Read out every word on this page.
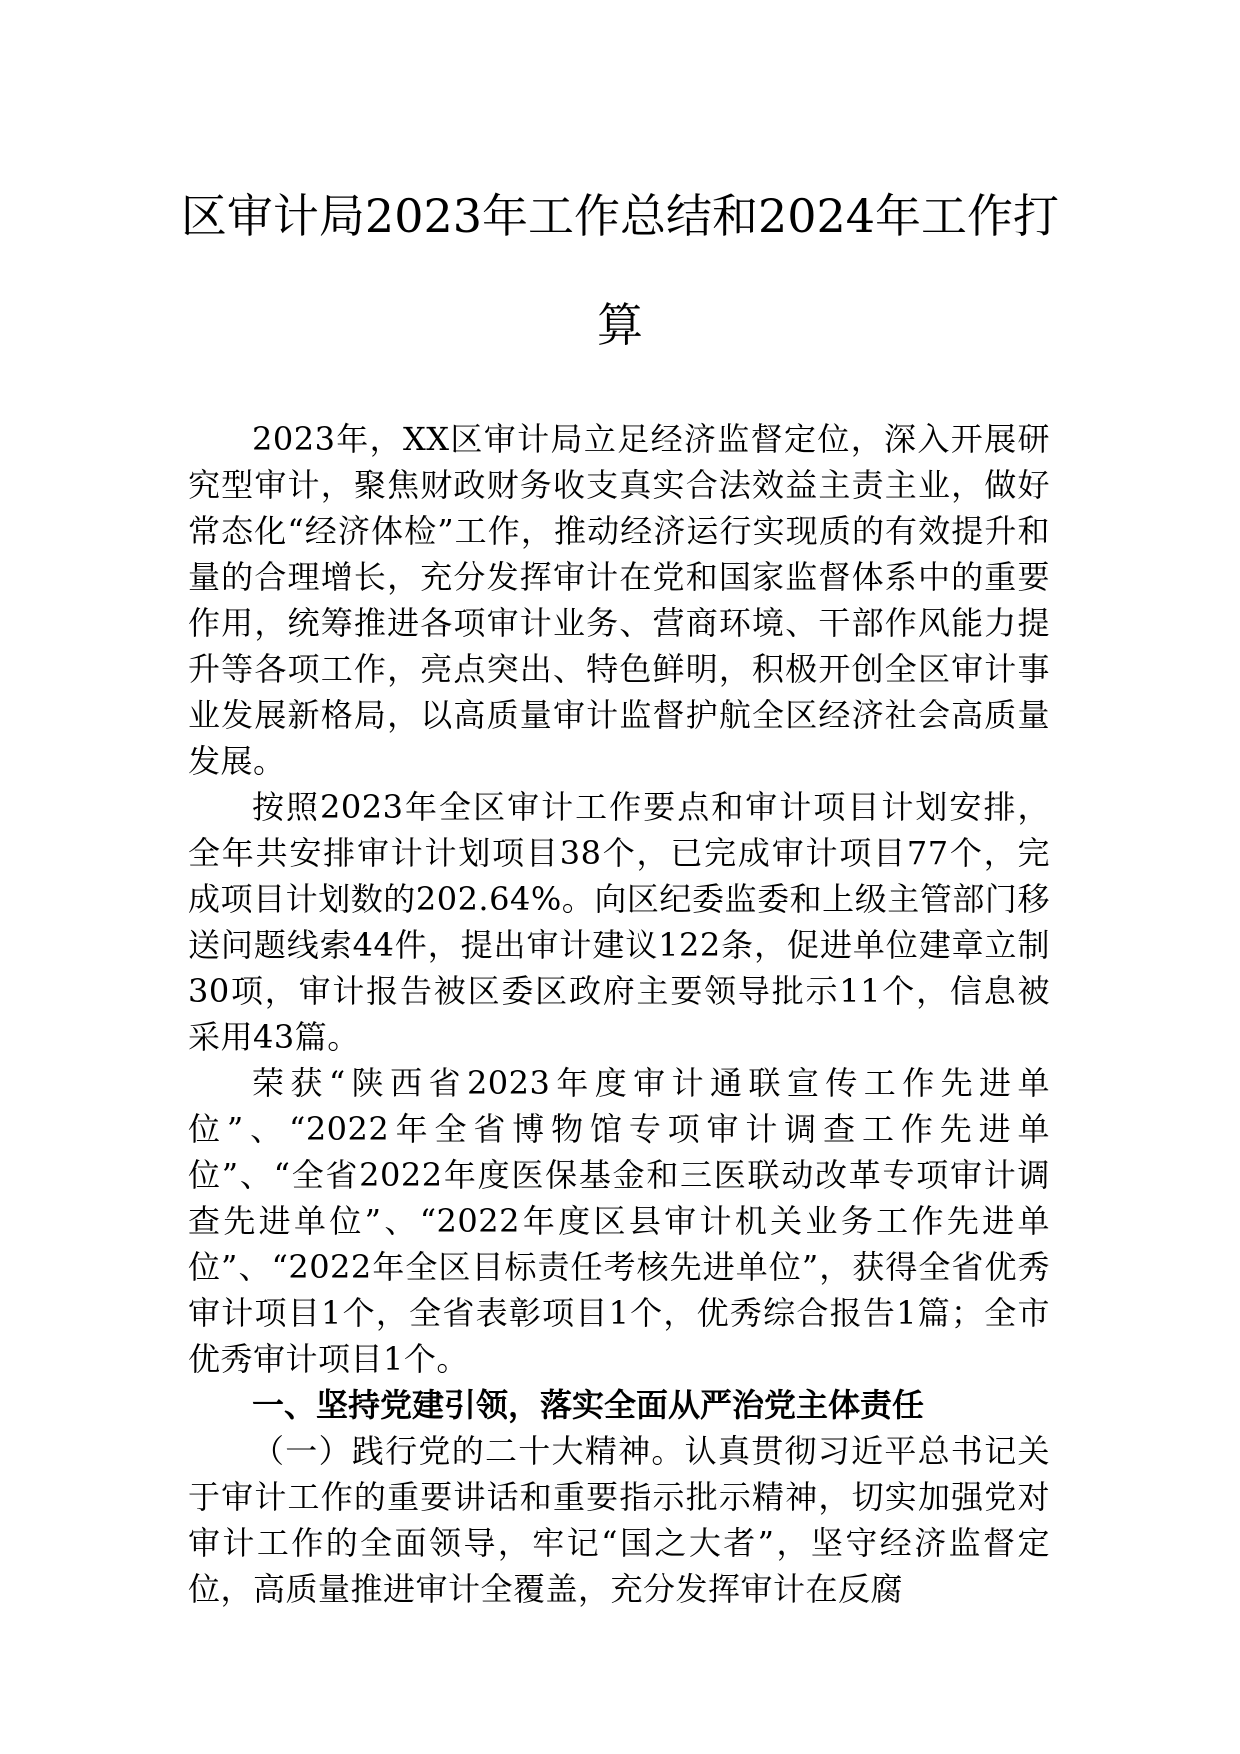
区审计局2023年工作总结和2024年工作打
算

2023年，XX区审计局立足经济监督定位，深入开展研究型审计，聚焦财政财务收支真实合法效益主责主业，做好常态化“经济体检”工作，推动经济运行实现质的有效提升和量的合理增长，充分发挥审计在党和国家监督体系中的重要作用，统筹推进各项审计业务、营商环境、干部作风能力提升等各项工作，亮点突出、特色鲜明，积极开创全区审计事业发展新格局，以高质量审计监督护航全区经济社会高质量发展。

按照2023年全区审计工作要点和审计项目计划安排，全年共安排审计计划项目38个，已完成审计项目77个，完成项目计划数的202.64%。向区纪委监委和上级主管部门移送问题线索44件，提出审计建议122条，促进单位建章立制30项，审计报告被区委区政府主要领导批示11个，信息被采用43篇。

荣获“陕西省2023年度审计通联宣传工作先进单位”、“2022年全省博物馆专项审计调查工作先进单位”、“全省2022年度医保基金和三医联动改革专项审计调查先进单位”、“2022年度区县审计机关业务工作先进单位”、“2022年全区目标责任考核先进单位”，获得全省优秀审计项目1个，全省表彰项目1个，优秀综合报告1篇；全市优秀审计项目1个。

一、坚持党建引领，落实全面从严治党主体责任

（一）践行党的二十大精神。认真贯彻习近平总书记关于审计工作的重要讲话和重要指示批示精神，切实加强党对审计工作的全面领导，牢记“国之大者”，坚守经济监督定位，高质量推进审计全覆盖，充分发挥审计在反腐
